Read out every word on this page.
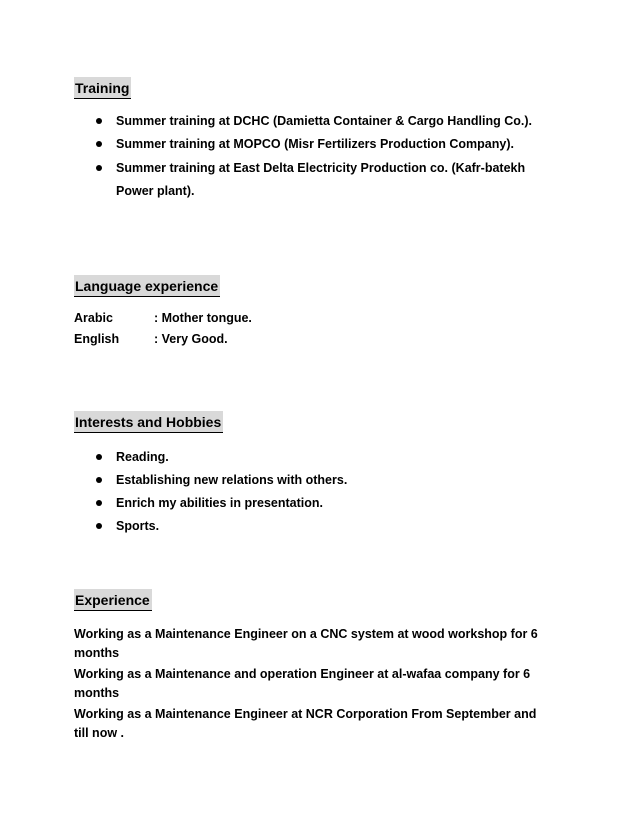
Training
Summer training at DCHC (Damietta Container & Cargo Handling Co.).
Summer training at MOPCO (Misr Fertilizers Production Company).
Summer training at East Delta Electricity Production co. (Kafr-batekh Power plant).
Language experience
Arabic	: Mother tongue.
English	: Very Good.
Interests and Hobbies
Reading.
Establishing new relations with others.
Enrich my abilities in presentation.
Sports.
Experience
Working as a Maintenance Engineer on a CNC system at wood workshop for 6 months
Working as a Maintenance and operation Engineer at al-wafaa company for 6 months
Working as a Maintenance Engineer at NCR Corporation From September and till now .
